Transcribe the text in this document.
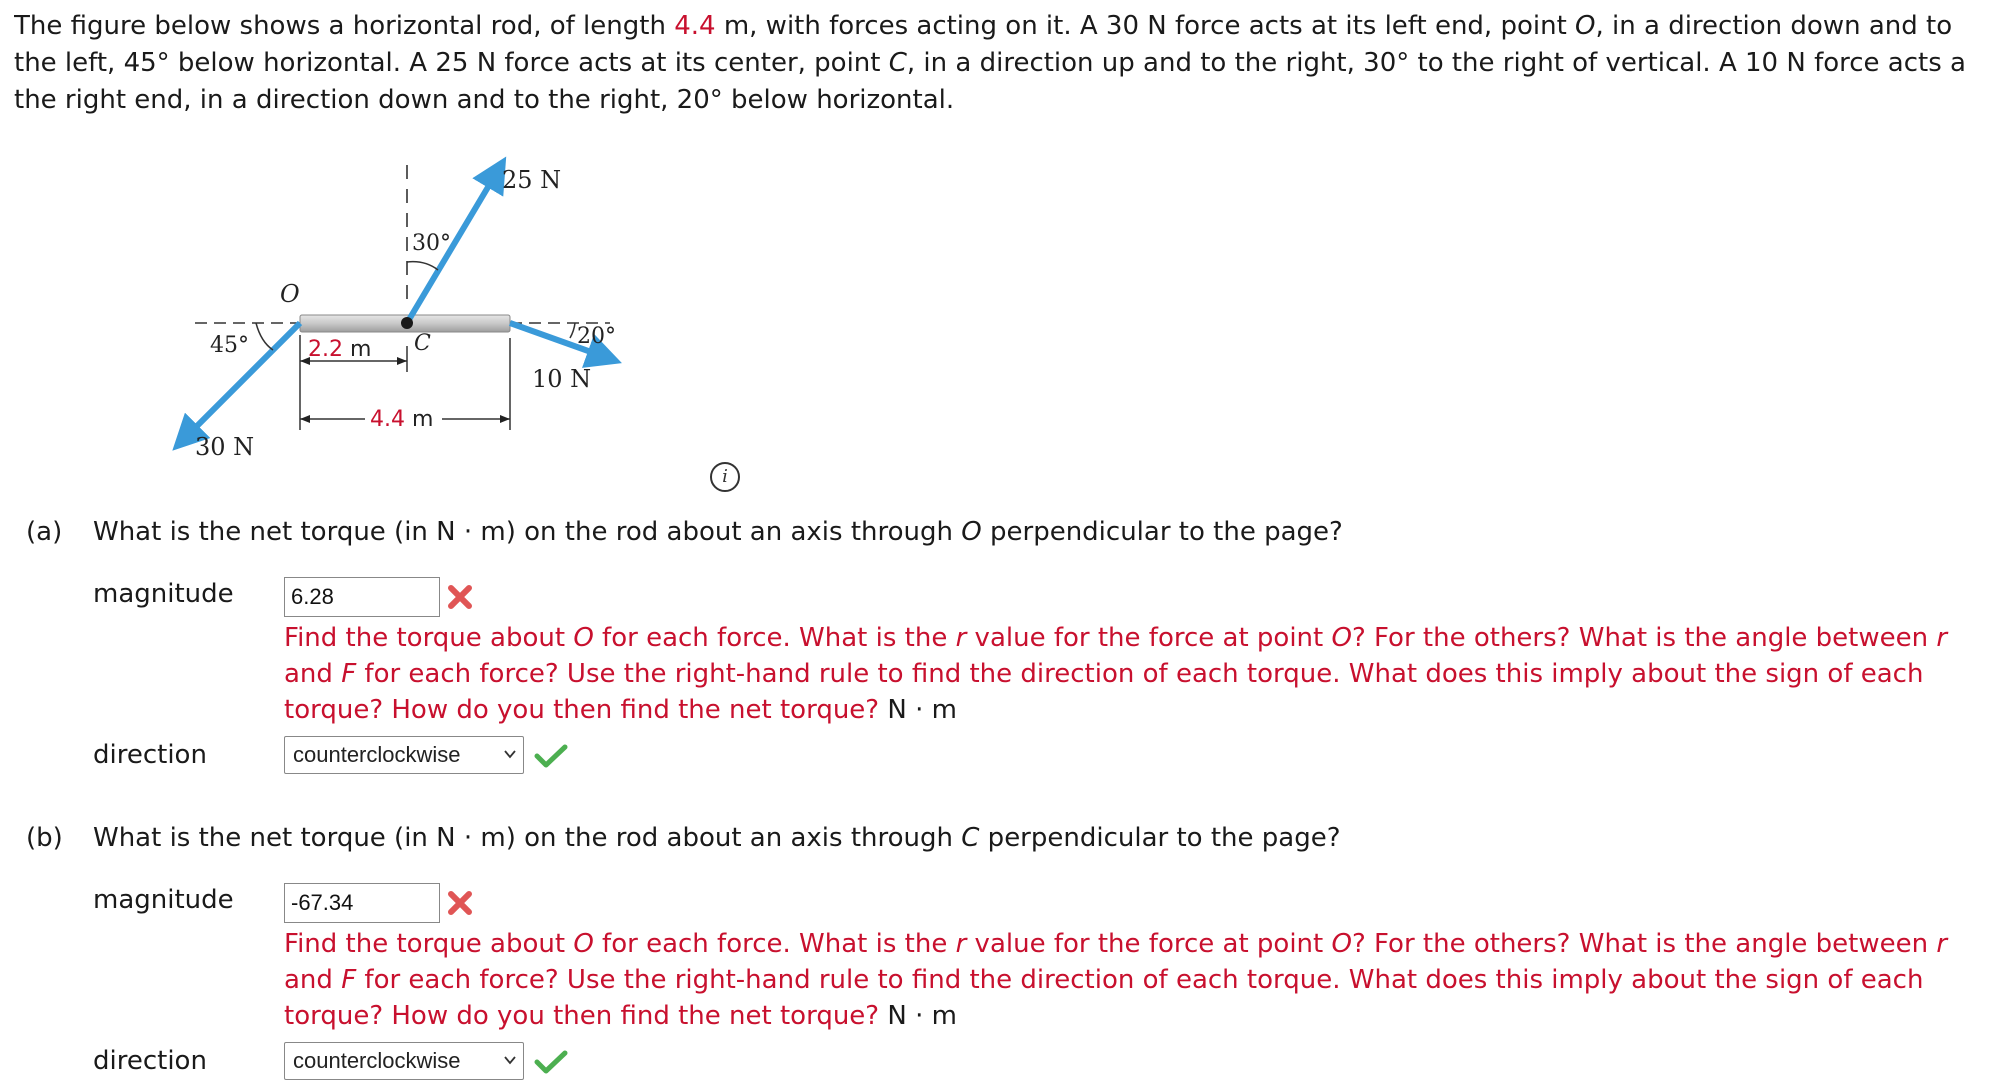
The figure below shows a horizontal rod, of length 4.4 m, with forces acting on it. A 30 N force acts at its left end, point O, in a direction down and to
the left, 45° below horizontal. A 25 N force acts at its center, point C, in a direction up and to the right, 30° to the right of vertical. A 10 N force acts a
the right end, in a direction down and to the right, 20° below horizontal.
25 N
30°
O
45°	C	20°
10 N
2.2 m
4.4 m
30 N
i
(a) What is the net torque (in N · m) on the rod about an axis through O perpendicular to the page?
magnitude	6.28
Find the torque about O for each force. What is the r value for the force at point O? For the others? What is the angle between r and F for each force? Use the right-hand rule to find the direction of each torque. What does this imply about the sign of each torque? How do you then find the net torque? N · m
direction	counterclockwise
(b) What is the net torque (in N · m) on the rod about an axis through C perpendicular to the page?
magnitude	-67.34
Find the torque about O for each force. What is the r value for the force at point O? For the others? What is the angle between r and F for each force? Use the right-hand rule to find the direction of each torque. What does this imply about the sign of each torque? How do you then find the net torque? N · m
direction	counterclockwise
